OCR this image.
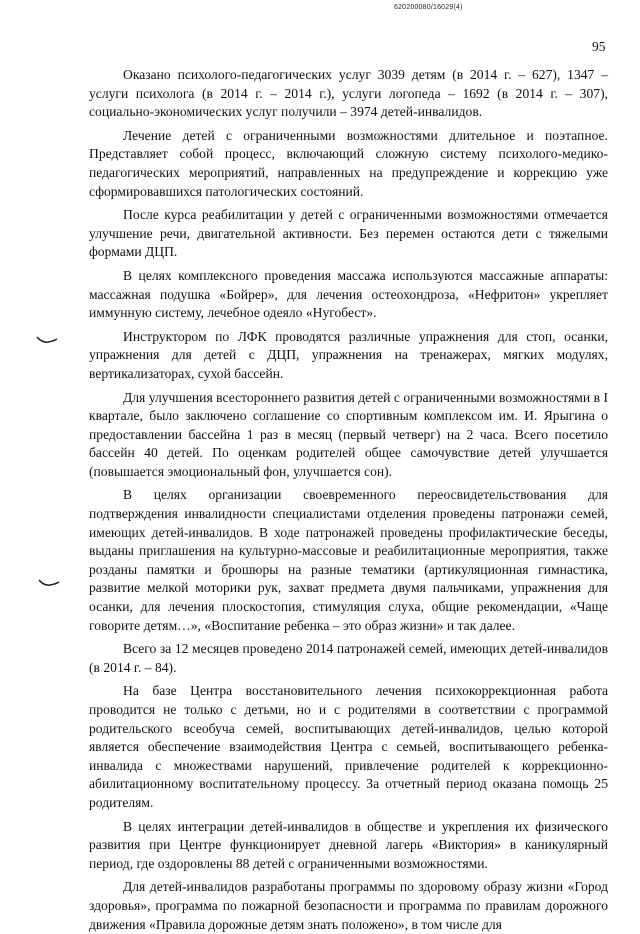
620200080/16029(4)
95

Оказано психолого-педагогических услуг 3039 детям (в 2014 г. – 627), 1347 – услуги психолога (в 2014 г. – 2014 г.), услуги логопеда – 1692 (в 2014 г. – 307), социально-экономических услуг получили – 3974 детей-инвалидов.

Лечение детей с ограниченными возможностями длительное и поэтапное. Представляет собой процесс, включающий сложную систему психолого-медико-педагогических мероприятий, направленных на предупреждение и коррекцию уже сформировавшихся патологических состояний.

После курса реабилитации у детей с ограниченными возможностями отмечается улучшение речи, двигательной активности. Без перемен остаются дети с тяжелыми формами ДЦП.

В целях комплексного проведения массажа используются массажные аппараты: массажная подушка «Бойрер», для лечения остеохондроза, «Нефритон» укрепляет иммунную систему, лечебное одеяло «Нугобест».

Инструктором по ЛФК проводятся различные упражнения для стоп, осанки, упражнения для детей с ДЦП, упражнения на тренажерах, мягких модулях, вертикализаторах, сухой бассейн.

Для улучшения всестороннего развития детей с ограниченными возможностями в I квартале, было заключено соглашение со спортивным комплексом им. И. Ярыгина о предоставлении бассейна 1 раз в месяц (первый четверг) на 2 часа. Всего посетило бассейн 40 детей. По оценкам родителей общее самочувствие детей улучшается (повышается эмоциональный фон, улучшается сон).

В целях организации своевременного переосвидетельствования для подтверждения инвалидности специалистами отделения проведены патронажи семей, имеющих детей-инвалидов. В ходе патронажей проведены профилактические беседы, выданы приглашения на культурно-массовые и реабилитационные мероприятия, также розданы памятки и брошюры на разные тематики (артикуляционная гимнастика, развитие мелкой моторики рук, захват предмета двумя пальчиками, упражнения для осанки, для лечения плоскостопия, стимуляция слуха, общие рекомендации, «Чаще говорите детям…», «Воспитание ребенка – это образ жизни» и так далее.

Всего за 12 месяцев проведено 2014 патронажей семей, имеющих детей-инвалидов (в 2014 г. – 84).

На базе Центра восстановительного лечения психокоррекционная работа проводится не только с детьми, но и с родителями в соответствии с программой родительского всеобуча семей, воспитывающих детей-инвалидов, целью которой является обеспечение взаимодействия Центра с семьей, воспитывающего ребенка-инвалида с множествами нарушений, привлечение родителей к коррекционно-абилитационному воспитательному процессу. За отчетный период оказана помощь 25 родителям.

В целях интеграции детей-инвалидов в обществе и укрепления их физического развития при Центре функционирует дневной лагерь «Виктория» в каникулярный период, где оздоровлены 88 детей с ограниченными возможностями.

Для детей-инвалидов разработаны программы по здоровому образу жизни «Город здоровья», программа по пожарной безопасности и программа по правилам дорожного движения «Правила дорожные детям знать положено», в том числе для
